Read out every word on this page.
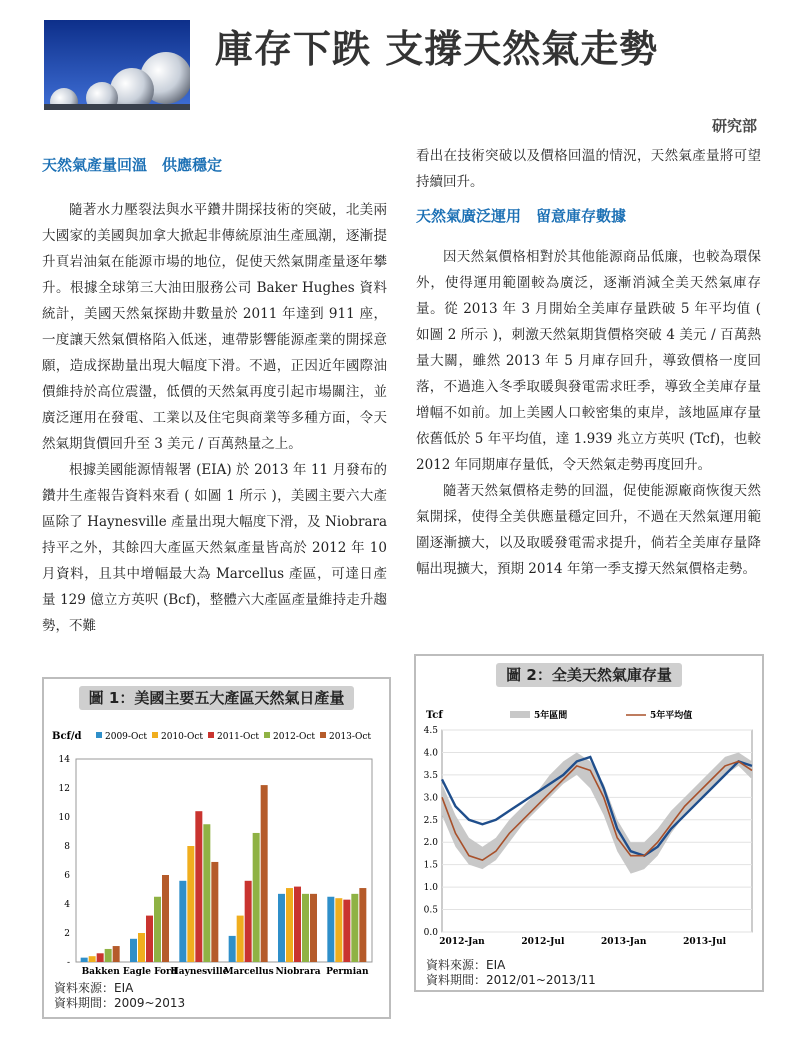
庫存下跌 支撐天然氣走勢
研究部
天然氣產量回溫　供應穩定

隨著水力壓裂法與水平鑽井開採技術的突破，北美兩大國家的美國與加拿大掀起非傳統原油生產風潮，逐漸提升頁岩油氣在能源市場的地位，促使天然氣開產量逐年攀升。根據全球第三大油田服務公司 Baker Hughes 資料統計，美國天然氣探勘井數量於 2011 年達到 911 座，一度讓天然氣價格陷入低迷，連帶影響能源產業的開採意願，造成探勘量出現大幅度下滑。不過，正因近年國際油價維持於高位震盪，低價的天然氣再度引起市場關注，並廣泛運用在發電、工業以及住宅與商業等多種方面，令天然氣期貨價回升至 3 美元 / 百萬熱量之上。

根據美國能源情報署 (EIA) 於 2013 年 11 月發布的鑽井生產報告資料來看 ( 如圖 1 所示 )，美國主要六大產區除了 Haynesville 產量出現大幅度下滑，及 Niobrara 持平之外，其餘四大產區天然氣產量皆高於 2012 年 10 月資料，且其中增幅最大為 Marcellus 產區，可達日產量 129 億立方英呎 (Bcf)，整體六大產區產量維持走升趨勢，不難

看出在技術突破以及價格回溫的情況，天然氣產量將可望持續回升。

天然氣廣泛運用　留意庫存數據

因天然氣價格相對於其他能源商品低廉，也較為環保外，使得運用範圍較為廣泛，逐漸消減全美天然氣庫存量。從 2013 年 3 月開始全美庫存量跌破 5 年平均值 ( 如圖 2 所示 )，刺激天然氣期貨價格突破 4 美元 / 百萬熱量大關，雖然 2013 年 5 月庫存回升，導致價格一度回落，不過進入冬季取暖與發電需求旺季，導致全美庫存量增幅不如前。加上美國人口較密集的東岸，該地區庫存量依舊低於 5 年平均值，達 1.939 兆立方英呎 (Tcf)，也較 2012 年同期庫存量低，令天然氣走勢再度回升。

隨著天然氣價格走勢的回溫，促使能源廠商恢復天然氣開採，使得全美供應量穩定回升，不過在天然氣運用範圍逐漸擴大，以及取暖發電需求提升，倘若全美庫存量降幅出現擴大，預期 2014 年第一季支撐天然氣價格走勢。

圖 1：美國主要五大產區天然氣日產量
Bcf/d	2009-Oct 2010-Oct 2011-Oct 2012-Oct 2013-Oct
-
2
4
6
8
10
12
14
Bakken Eagle Ford
Haynesville
Marcellus Niobrara Permian
資料來源：EIA
資料期間：2009~2013
圖 2：全美天然氣庫存量
Tcf	5年區間	5年平均值
0.0
0.5
1.0
1.5
2.0
2.5
3.0
3.5
4.0
4.5
2012-Jan	2012-Jul	2013-Jan	2013-Jul
資料來源：EIA
資料期間：2012/01~2013/11
